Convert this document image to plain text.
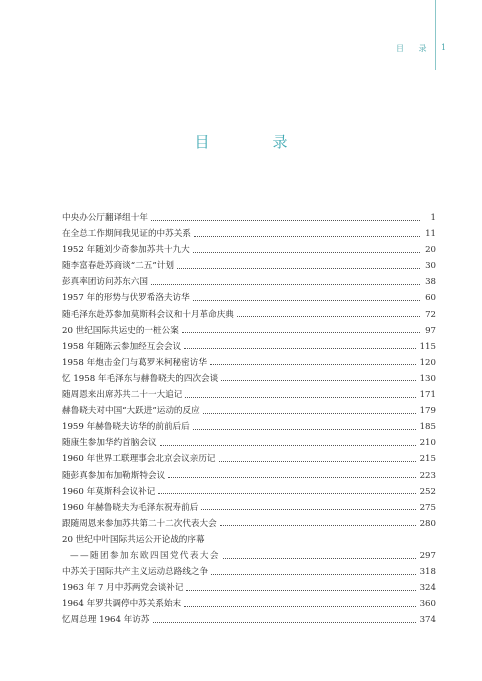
目 录 1
目　录
中央办公厅翻译组十年	1
在全总工作期间我见证的中苏关系	11
1952 年随刘少奇参加苏共十九大	20
随李富春赴苏商谈“二五”计划	30
彭真率团访问苏东六国	38
1957 年的形势与伏罗希洛夫访华	60
随毛泽东赴苏参加莫斯科会议和十月革命庆典	72
20 世纪国际共运史的一桩公案	97
1958 年随陈云参加经互会会议	115
1958 年炮击金门与葛罗米柯秘密访华	120
忆 1958 年毛泽东与赫鲁晓夫的四次会谈	130
随周恩来出席苏共二十一大追记	171
赫鲁晓夫对中国“大跃进”运动的反应	179
1959 年赫鲁晓夫访华的前前后后	185
随康生参加华约首脑会议	210
1960 年世界工联理事会北京会议亲历记	215
随彭真参加布加勒斯特会议	223
1960 年莫斯科会议补记	252
1960 年赫鲁晓夫为毛泽东祝寿前后	275
跟随周恩来参加苏共第二十二次代表大会	280
20 世纪中叶国际共运公开论战的序幕
——随团参加东欧四国党代表大会	297
中苏关于国际共产主义运动总路线之争	318
1963 年 7 月中苏两党会谈补记	324
1964 年罗共调停中苏关系始末	360
忆周总理 1964 年访苏	374
